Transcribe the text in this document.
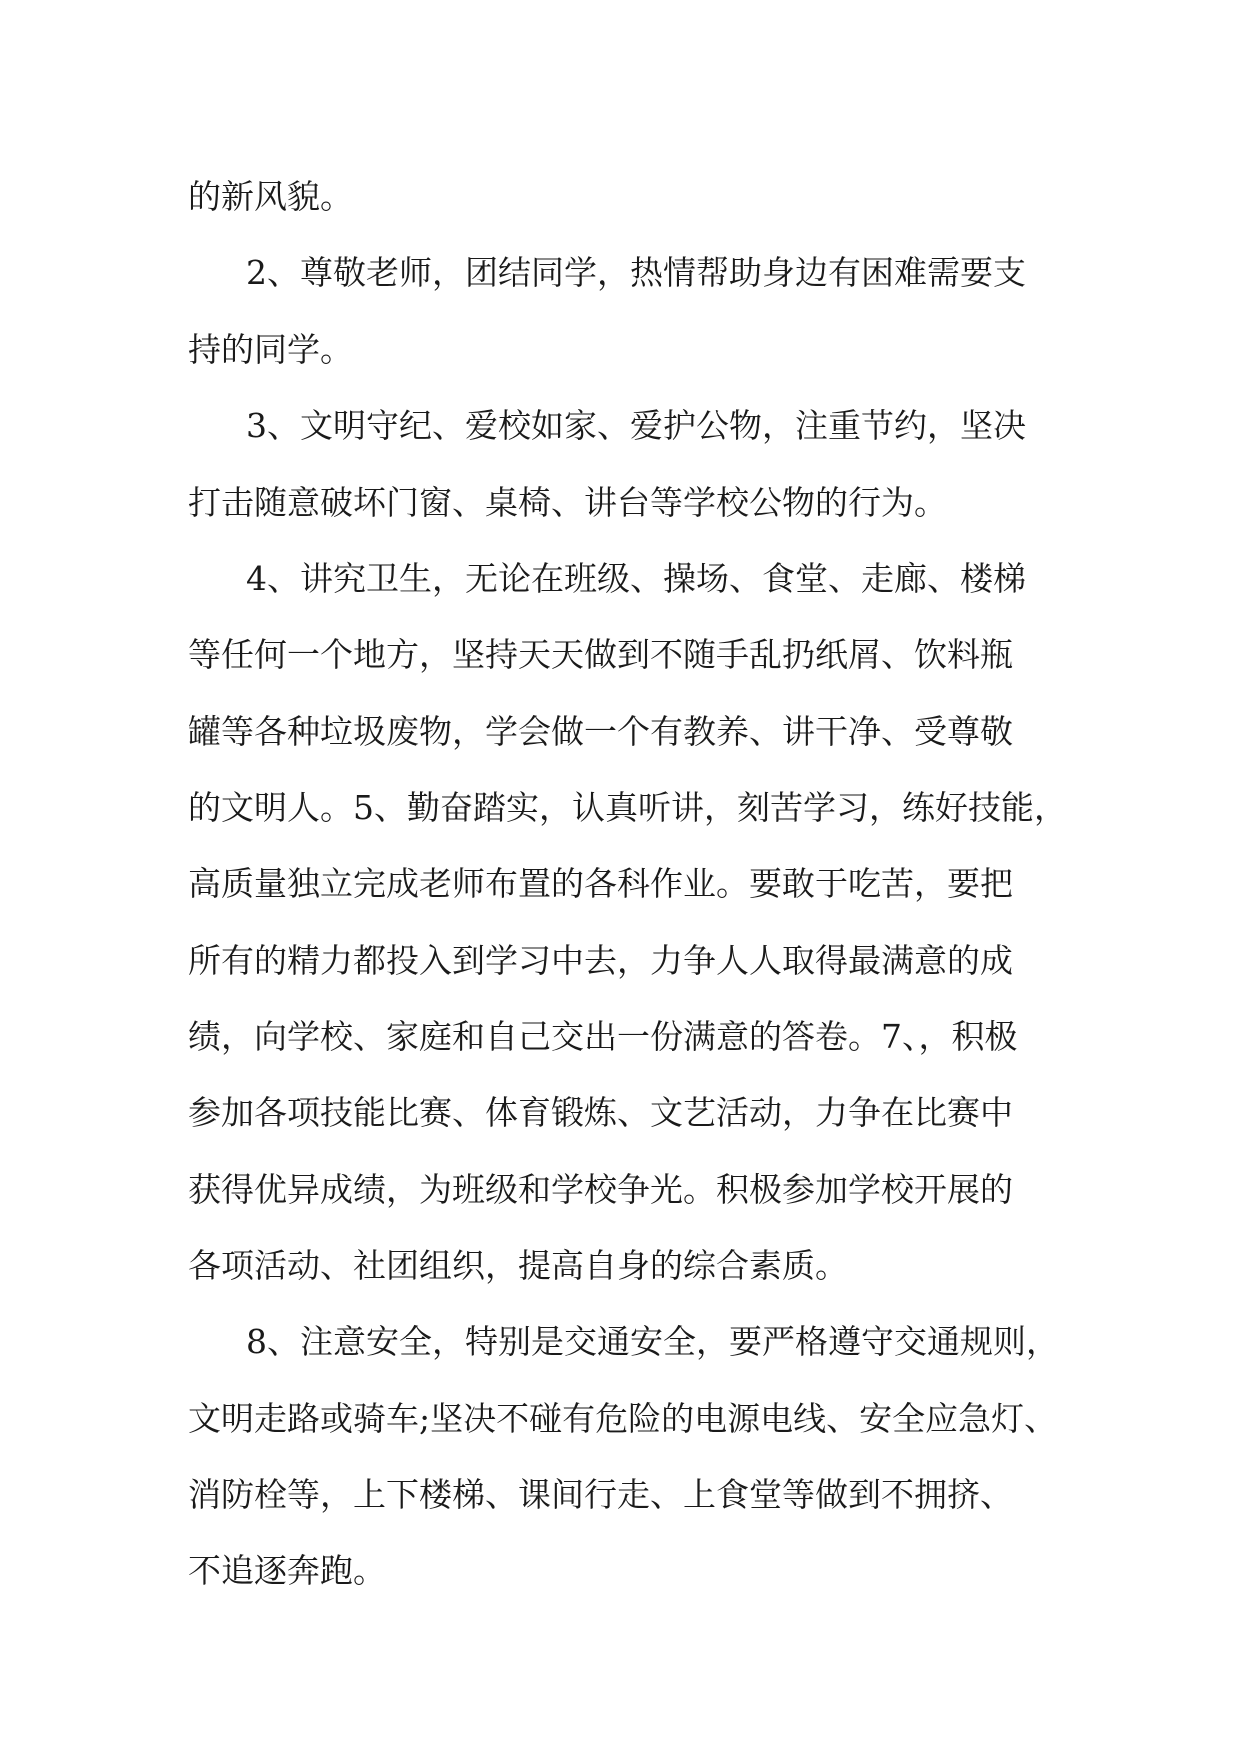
的新风貌。

2、尊敬老师，团结同学，热情帮助身边有困难需要支

持的同学。

3、文明守纪、爱校如家、爱护公物，注重节约，坚决

打击随意破坏门窗、桌椅、讲台等学校公物的行为。

4、讲究卫生，无论在班级、操场、食堂、走廊、楼梯

等任何一个地方，坚持天天做到不随手乱扔纸屑、饮料瓶

罐等各种垃圾废物，学会做一个有教养、讲干净、受尊敬

的文明人。5、勤奋踏实，认真听讲，刻苦学习，练好技能，

高质量独立完成老师布置的各科作业。要敢于吃苦，要把

所有的精力都投入到学习中去，力争人人取得最满意的成

绩，向学校、家庭和自己交出一份满意的答卷。7、，积极

参加各项技能比赛、体育锻炼、文艺活动，力争在比赛中

获得优异成绩，为班级和学校争光。积极参加学校开展的

各项活动、社团组织，提高自身的综合素质。

8、注意安全，特别是交通安全，要严格遵守交通规则，

文明走路或骑车;坚决不碰有危险的电源电线、安全应急灯、

消防栓等，上下楼梯、课间行走、上食堂等做到不拥挤、

不追逐奔跑。
